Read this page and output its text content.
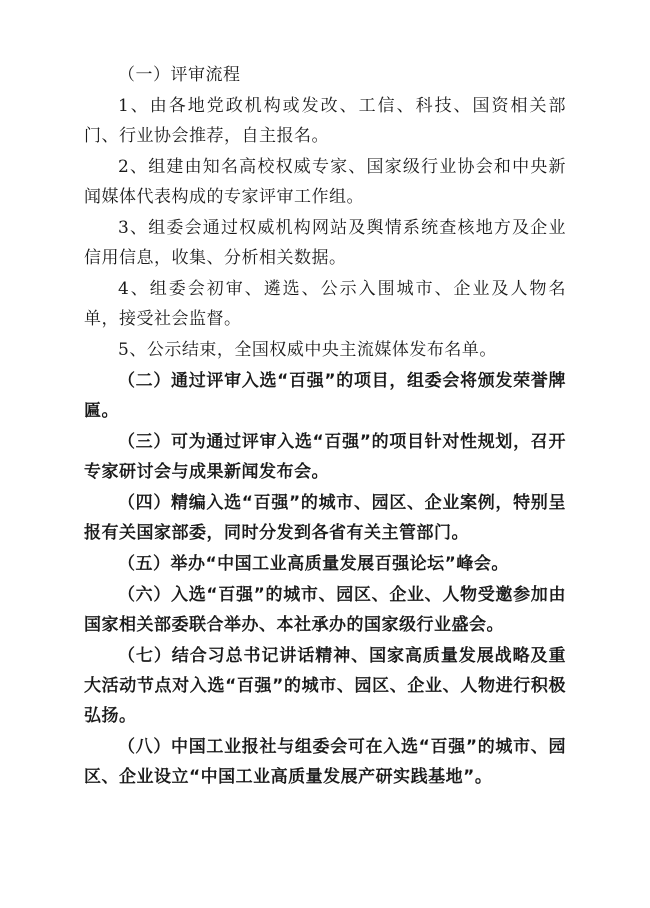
（一）评审流程

1、由各地党政机构或发改、工信、科技、国资相关部门、行业协会推荐，自主报名。

2、组建由知名高校权威专家、国家级行业协会和中央新闻媒体代表构成的专家评审工作组。

3、组委会通过权威机构网站及舆情系统查核地方及企业信用信息，收集、分析相关数据。

4、组委会初审、遴选、公示入围城市、企业及人物名单，接受社会监督。

5、公示结束，全国权威中央主流媒体发布名单。

（二）通过评审入选“百强”的项目，组委会将颁发荣誉牌匾。

（三）可为通过评审入选“百强”的项目针对性规划，召开专家研讨会与成果新闻发布会。

（四）精编入选“百强”的城市、园区、企业案例，特别呈报有关国家部委，同时分发到各省有关主管部门。

（五）举办“中国工业高质量发展百强论坛”峰会。

（六）入选“百强”的城市、园区、企业、人物受邀参加由国家相关部委联合举办、本社承办的国家级行业盛会。

（七）结合习总书记讲话精神、国家高质量发展战略及重大活动节点对入选“百强”的城市、园区、企业、人物进行积极弘扬。

（八）中国工业报社与组委会可在入选“百强”的城市、园区、企业设立“中国工业高质量发展产研实践基地”。
